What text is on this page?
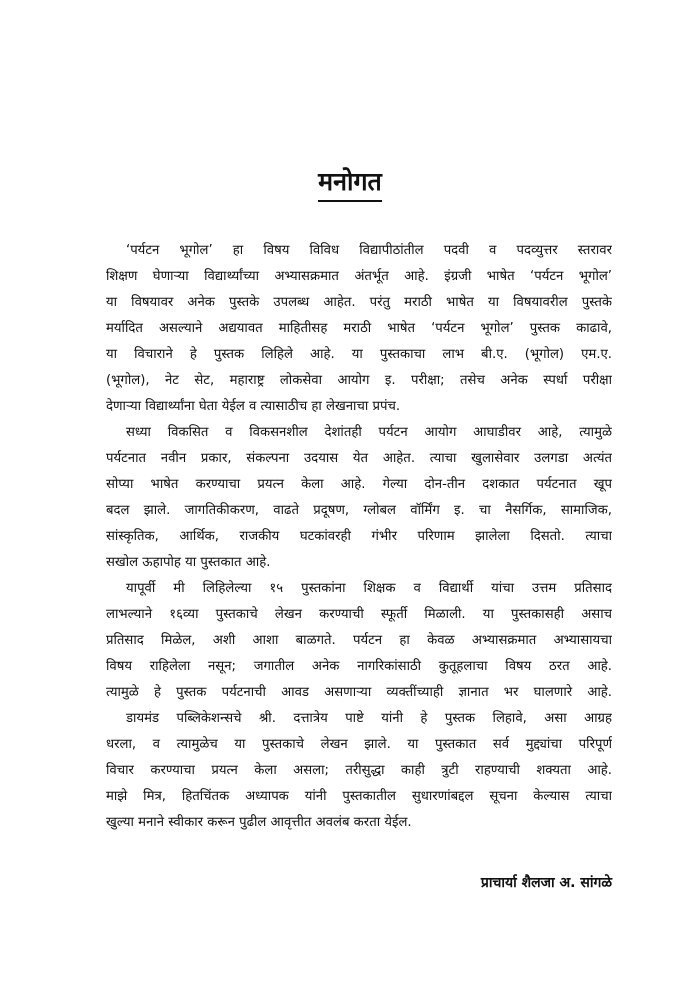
मनोगत

‘पर्यटन भूगोल’ हा विषय विविध विद्यापीठांतील पदवी व पदव्युत्तर स्तरावर

शिक्षण घेणाऱ्या विद्यार्थ्यांच्या अभ्यासक्रमात अंतर्भूत आहे. इंग्रजी भाषेत ‘पर्यटन भूगोल’

या विषयावर अनेक पुस्तके उपलब्ध आहेत. परंतु मराठी भाषेत या विषयावरील पुस्तके

मर्यादित असल्याने अद्ययावत माहितीसह मराठी भाषेत ‘पर्यटन भूगोल’ पुस्तक काढावे,

या विचाराने हे पुस्तक लिहिले आहे. या पुस्तकाचा लाभ बी.ए. (भूगोल) एम.ए.

(भूगोल), नेट सेट, महाराष्ट्र लोकसेवा आयोग इ. परीक्षा; तसेच अनेक स्पर्धा परीक्षा

देणाऱ्या विद्यार्थ्यांना घेता येईल व त्यासाठीच हा लेखनाचा प्रपंच.

सध्या विकसित व विकसनशील देशांतही पर्यटन आयोग आघाडीवर आहे, त्यामुळे

पर्यटनात नवीन प्रकार, संकल्पना उदयास येत आहेत. त्याचा खुलासेवार उलगडा अत्यंत

सोप्या भाषेत करण्याचा प्रयत्न केला आहे. गेल्या दोन-तीन दशकात पर्यटनात खूप

बदल झाले. जागतिकीकरण, वाढते प्रदूषण, ग्लोबल वॉर्मिंग इ. चा नैसर्गिक, सामाजिक,

सांस्कृतिक, आर्थिक, राजकीय घटकांवरही गंभीर परिणाम झालेला दिसतो. त्याचा

सखोल ऊहापोह या पुस्तकात आहे.

यापूर्वी मी लिहिलेल्या १५ पुस्तकांना शिक्षक व विद्यार्थी यांचा उत्तम प्रतिसाद

लाभल्याने १६व्या पुस्तकाचे लेखन करण्याची स्फूर्ती मिळाली. या पुस्तकासही असाच

प्रतिसाद मिळेल, अशी आशा बाळगते. पर्यटन हा केवळ अभ्यासक्रमात अभ्यासायचा

विषय राहिलेला नसून; जगातील अनेक नागरिकांसाठी कुतूहलाचा विषय ठरत आहे.

त्यामुळे हे पुस्तक पर्यटनाची आवड असणाऱ्या व्यक्तींच्याही ज्ञानात भर घालणारे आहे.

डायमंड पब्लिकेशन्सचे श्री. दत्तात्रेय पाष्टे यांनी हे पुस्तक लिहावे, असा आग्रह

धरला, व त्यामुळेच या पुस्तकाचे लेखन झाले. या पुस्तकात सर्व मुद्द्यांचा परिपूर्ण

विचार करण्याचा प्रयत्न केला असला; तरीसुद्धा काही त्रुटी राहण्याची शक्यता आहे.

माझे मित्र, हितचिंतक अध्यापक यांनी पुस्तकातील सुधारणांबद्दल सूचना केल्यास त्याचा

खुल्या मनाने स्वीकार करून पुढील आवृत्तीत अवलंब करता येईल.

प्राचार्या शैलजा अ. सांगळे
